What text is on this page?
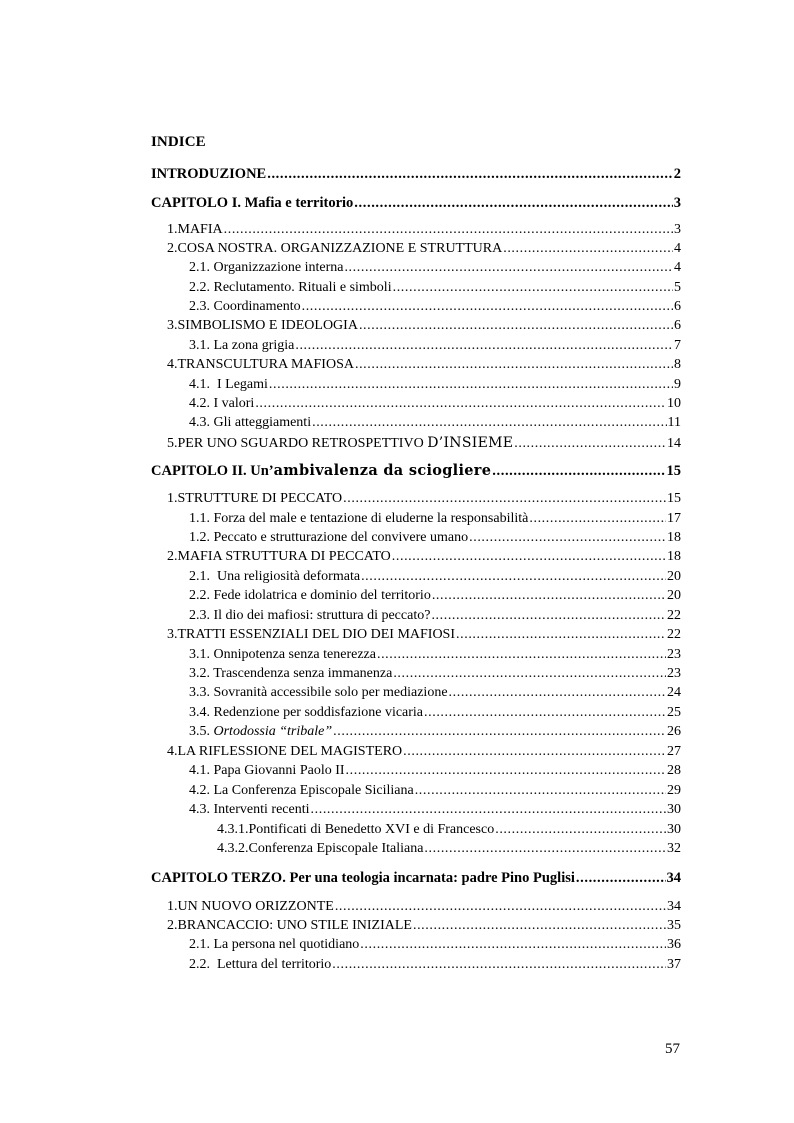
INDICE
INTRODUZIONE .....	2
CAPITOLO I. Mafia e territorio .....	3
1. MAFIA .....	3
2. COSA NOSTRA. ORGANIZZAZIONE E STRUTTURA .....	4
2.1. Organizzazione interna .....	4
2.2. Reclutamento. Rituali e simboli .....	5
2.3. Coordinamento .....	6
3. SIMBOLISMO E IDEOLOGIA .....	6
3.1. La zona grigia .....	7
4. TRANSCULTURA MAFIOSA .....	8
4.1.  I Legami .....	9
4.2. I valori .....	10
4.3. Gli atteggiamenti .....	11
5. PER UNO SGUARDO RETROSPETTIVO D’INSIEME .....	14
CAPITOLO II. Un’ ambivalenza da sciogliere .....	15
1. STRUTTURE DI PECCATO .....	15
1.1. Forza del male e tentazione di eluderne la responsabilità .....	17
1.2. Peccato e strutturazione del convivere umano .....	18
2. MAFIA STRUTTURA DI PECCATO .....	18
2.1.  Una religiosità deformata .....	20
2.2. Fede idolatrica e dominio del territorio .....	20
2.3. Il dio dei mafiosi: struttura di peccato? .....	22
3. TRATTI ESSENZIALI DEL DIO DEI MAFIOSI .....	22
3.1. Onnipotenza senza tenerezza .....	23
3.2. Trascendenza senza immanenza .....	23
3.3. Sovranità accessibile solo per mediazione .....	24
3.4. Redenzione per soddisfazione vicaria .....	25
3.5. Ortodossia “tribale” .....	26
4. LA RIFLESSIONE DEL MAGISTERO .....	27
4.1. Papa Giovanni Paolo II .....	28
4.2. La Conferenza Episcopale Siciliana .....	29
4.3. Interventi recenti .....	30
4.3.1. Pontificati di Benedetto XVI e di Francesco .....	30
4.3.2. Conferenza Episcopale Italiana .....	32
CAPITOLO TERZO. Per una teologia incarnata: padre Pino Puglisi .....	34
1. UN NUOVO ORIZZONTE .....	34
2. BRANCACCIO: UNO STILE INIZIALE .....	35
2.1. La persona nel quotidiano .....	36
2.2.  Lettura del territorio .....	37
57
